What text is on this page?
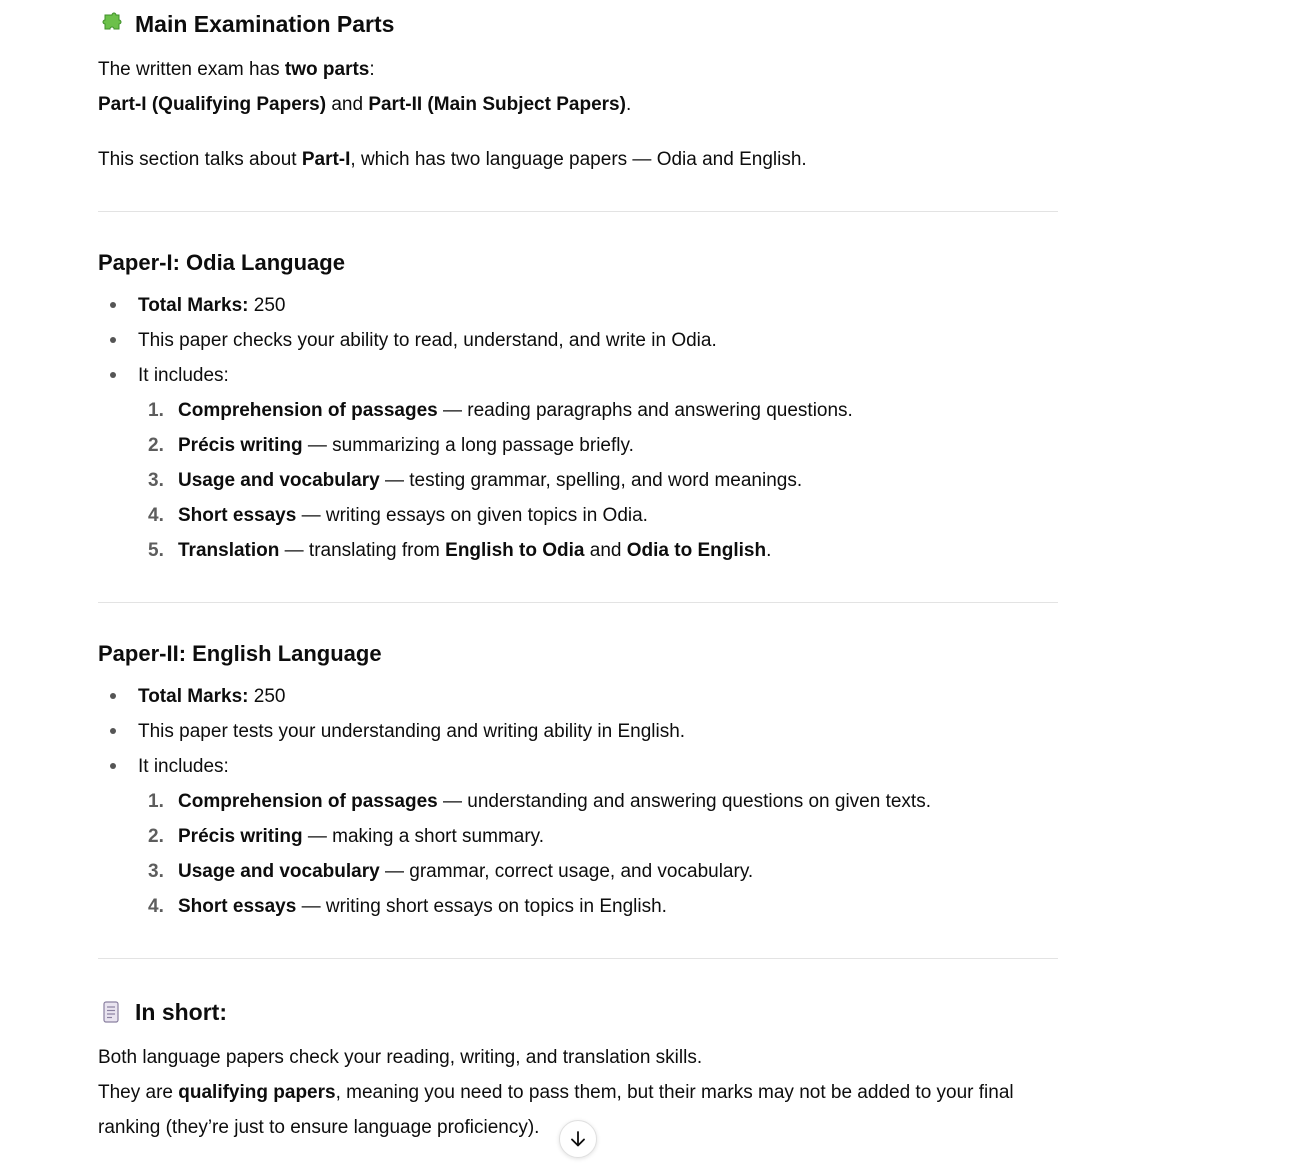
Main Examination Parts
The written exam has two parts:
Part-I (Qualifying Papers) and Part-II (Main Subject Papers).
This section talks about Part-I, which has two language papers — Odia and English.
Paper-I: Odia Language
Total Marks: 250
This paper checks your ability to read, understand, and write in Odia.
It includes:
1. Comprehension of passages — reading paragraphs and answering questions.
2. Précis writing — summarizing a long passage briefly.
3. Usage and vocabulary — testing grammar, spelling, and word meanings.
4. Short essays — writing essays on given topics in Odia.
5. Translation — translating from English to Odia and Odia to English.
Paper-II: English Language
Total Marks: 250
This paper tests your understanding and writing ability in English.
It includes:
1. Comprehension of passages — understanding and answering questions on given texts.
2. Précis writing — making a short summary.
3. Usage and vocabulary — grammar, correct usage, and vocabulary.
4. Short essays — writing short essays on topics in English.
In short:
Both language papers check your reading, writing, and translation skills.
They are qualifying papers, meaning you need to pass them, but their marks may not be added to your final
ranking (they’re just to ensure language proficiency).
